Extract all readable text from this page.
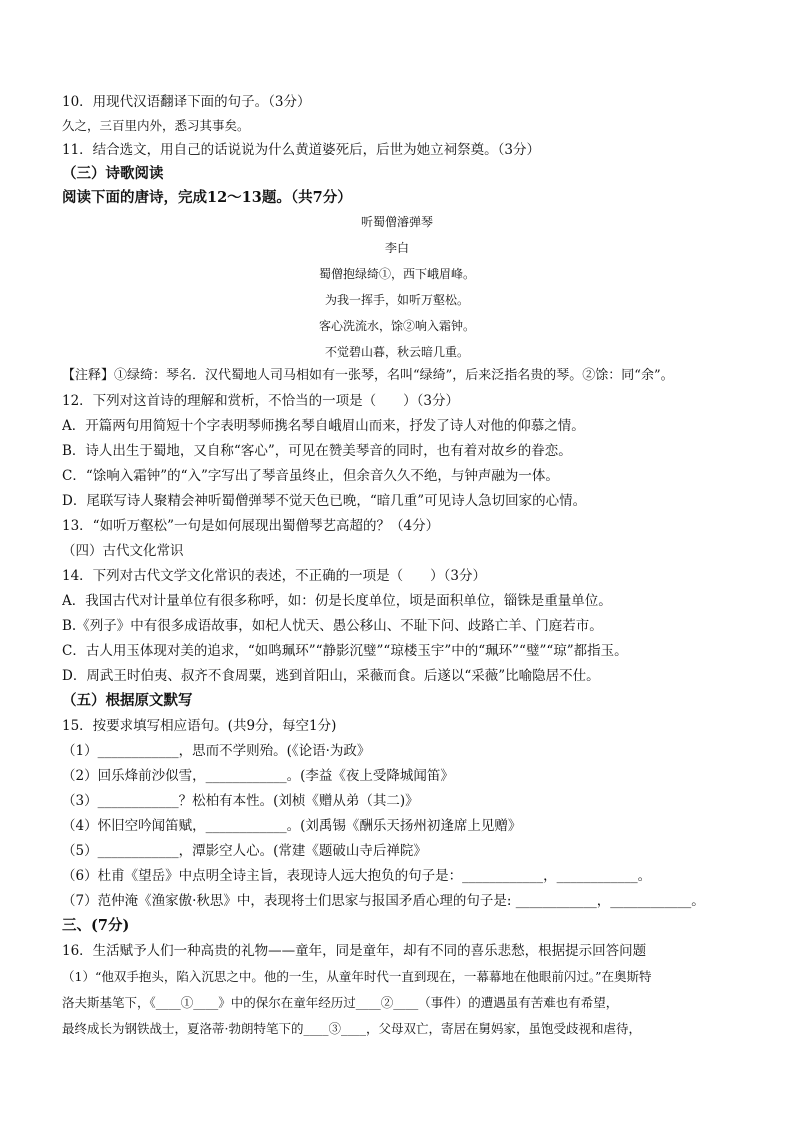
10．用现代汉语翻译下面的句子。（3分）
久之，三百里内外，悉习其事矣。
11．结合选文，用自己的话说说为什么黄道婆死后，后世为她立祠祭奠。（3分）
（三）诗歌阅读
阅读下面的唐诗，完成12～13题。（共7分）
听蜀僧濬弹琴
李白
蜀僧抱绿绮①，西下峨眉峰。
为我一挥手，如听万壑松。
客心洗流水，馀②响入霜钟。
不觉碧山暮，秋云暗几重。
【注释】①绿绮：琴名．汉代蜀地人司马相如有一张琴，名叫“绿绮”，后来泛指名贵的琴。②馀：同“余”。
12．下列对这首诗的理解和赏析，不恰当的一项是（　　）（3分）
A．开篇两句用简短十个字表明琴师携名琴自峨眉山而来，抒发了诗人对他的仰慕之情。
B．诗人出生于蜀地，又自称“客心”，可见在赞美琴音的同时，也有着对故乡的眷恋。
C．“馀响入霜钟”的“入”字写出了琴音虽终止，但余音久久不绝，与钟声融为一体。
D．尾联写诗人聚精会神听蜀僧弹琴不觉天色已晚，“暗几重”可见诗人急切回家的心情。
13．“如听万壑松”一句是如何展现出蜀僧琴艺高超的？（4分）
（四）古代文化常识
14．下列对古代文学文化常识的表述，不正确的一项是（　　）（3分）
A．我国古代对计量单位有很多称呼，如：仞是长度单位，顷是面积单位，锱铢是重量单位。
B.《列子》中有很多成语故事，如杞人忧天、愚公移山、不耻下问、歧路亡羊、门庭若市。
C．古人用玉体现对美的追求，“如鸣珮环”“静影沉璧”“琼楼玉宇”中的“珮环”“璧”“琼”都指玉。
D．周武王时伯夷、叔齐不食周粟，逃到首阳山，采薇而食。后遂以“采薇”比喻隐居不仕。
（五）根据原文默写
15．按要求填写相应语句。(共9分，每空1分)
（1）____________，思而不学则殆。(《论语·为政》
（2）回乐烽前沙似雪，____________。(李益《夜上受降城闻笛》
（3）____________？松柏有本性。(刘桢《赠从弟（其二)》
（4）怀旧空吟闻笛赋，____________。(刘禹锡《酬乐天扬州初逢席上见赠》
（5）____________，潭影空人心。(常建《题破山寺后禅院》
（6）杜甫《望岳》中点明全诗主旨，表现诗人远大抱负的句子是：____________，____________。
（7）范仲淹《渔家傲·秋思》中，表现将士们思家与报国矛盾心理的句子是: ____________，____________。
三、(7分)
16．生活赋予人们一种高贵的礼物——童年，同是童年，却有不同的喜乐悲愁，根据提示回答问题
（1）“他双手抱头，陷入沉思之中。他的一生，从童年时代一直到现在，一幕幕地在他眼前闪过。”在奥斯特
洛夫斯基笔下，《____①____》中的保尔在童年经历过____②____（事件）的遭遇虽有苦难也有希望，
最终成长为钢铁战士，夏洛蒂·勃朗特笔下的____③____，父母双亡，寄居在舅妈家，虽饱受歧视和虐待，
